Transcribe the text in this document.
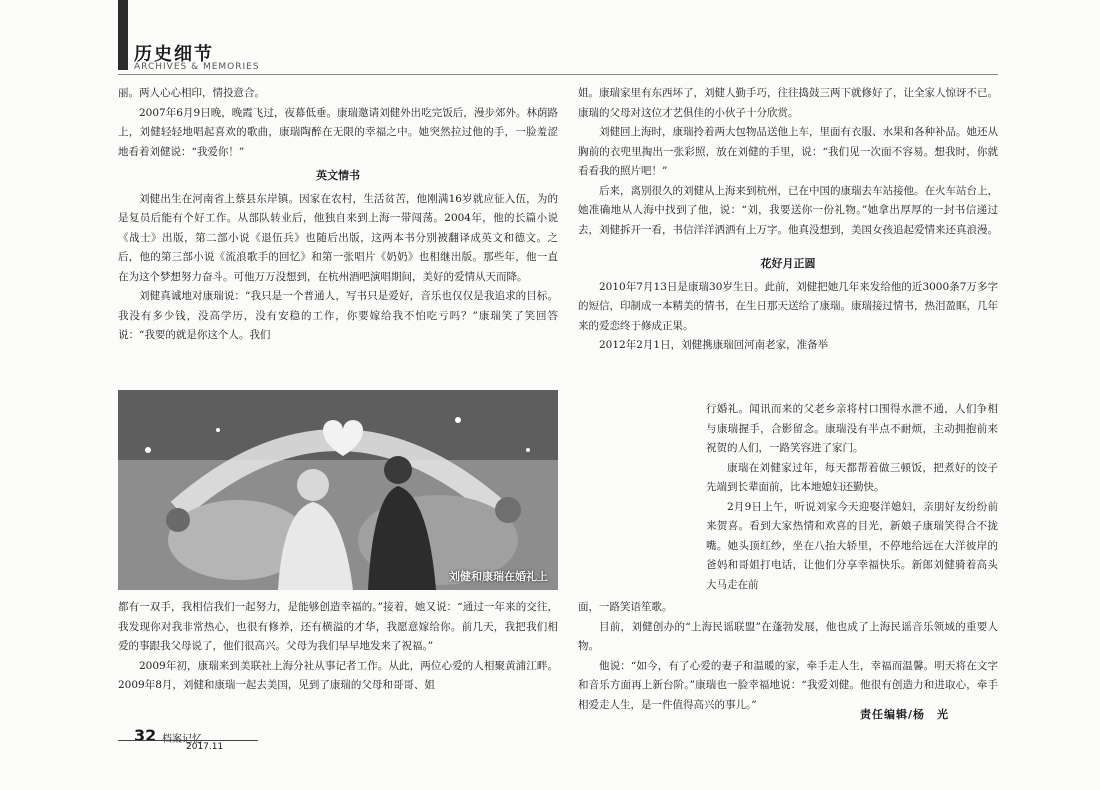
历史细节
ARCHIVES & MEMORIES

丽。两人心心相印，情投意合。

2007年6月9日晚，晚霞飞过，夜幕低垂。康瑞邀请刘健外出吃完饭后，漫步郊外。林荫路上，刘健轻轻地唱起喜欢的歌曲，康瑞陶醉在无限的幸福之中。她突然拉过他的手，一脸羞涩地看着刘健说：“我爱你！”

英文情书

刘健出生在河南省上蔡县东岸镇。因家在农村，生活贫苦，他刚满16岁就应征入伍，为的是复员后能有个好工作。从部队转业后，他独自来到上海一带闯荡。2004年，他的长篇小说《战士》出版，第二部小说《退伍兵》也随后出版，这两本书分别被翻译成英文和德文。之后，他的第三部小说《流浪歌手的回忆》和第一张唱片《奶奶》也相继出版。那些年，他一直在为这个梦想努力奋斗。可他万万没想到，在杭州酒吧演唱期间，美好的爱情从天而降。

刘健真诚地对康瑞说：“我只是一个普通人，写书只是爱好，音乐也仅仅是我追求的目标。我没有多少钱，没高学历，没有安稳的工作，你要嫁给我不怕吃亏吗？”康瑞笑了笑回答说：“我要的就是你这个人。我们

姐。康瑞家里有东西坏了，刘健人勤手巧，往往捣鼓三两下就修好了，让全家人惊讶不已。康瑞的父母对这位才艺俱佳的小伙子十分欣赏。

刘健回上海时，康瑞拎着两大包物品送他上车，里面有衣服、水果和各种补品。她还从胸前的衣兜里掏出一张彩照，放在刘健的手里，说：“我们见一次面不容易。想我时，你就看看我的照片吧！”

后来，离别很久的刘健从上海来到杭州，已在中国的康瑞去车站接他。在火车站台上，她准确地从人海中找到了他，说：“刘，我要送你一份礼物。”她拿出厚厚的一封书信递过去，刘健拆开一看，书信洋洋洒洒有上万字。他真没想到，美国女孩追起爱情来还真浪漫。

花好月正圆

2010年7月13日是康瑞30岁生日。此前，刘健把她几年来发给他的近3000条7万多字的短信，印制成一本精美的情书，在生日那天送给了康瑞。康瑞接过情书，热泪盈眶，几年来的爱恋终于修成正果。

2012年2月1日，刘健携康瑞回河南老家，准备举

刘健和康瑞在婚礼上

都有一双手，我相信我们一起努力，是能够创造幸福的。”接着，她又说：“通过一年来的交往，我发现你对我非常热心，也很有修养，还有横溢的才华，我愿意嫁给你。前几天，我把我们相爱的事跟我父母说了，他们很高兴。父母为我们早早地发来了祝福。”

2009年初，康瑞来到美联社上海分社从事记者工作。从此，两位心爱的人相聚黄浦江畔。2009年8月，刘健和康瑞一起去美国，见到了康瑞的父母和哥哥、姐

行婚礼。闻讯而来的父老乡亲将村口围得水泄不通，人们争相与康瑞握手，合影留念。康瑞没有半点不耐烦，主动拥抱前来祝贺的人们，一路笑容进了家门。

康瑞在刘健家过年，每天都帮着做三顿饭，把煮好的饺子先端到长辈面前，比本地媳妇还勤快。

2月9日上午，听说刘家今天迎娶洋媳妇，亲朋好友纷纷前来贺喜。看到大家热情和欢喜的目光，新娘子康瑞笑得合不拢嘴。她头顶红纱，坐在八抬大轿里，不停地给远在大洋彼岸的爸妈和哥姐打电话，让他们分享幸福快乐。新郎刘健骑着高头大马走在前

面，一路笑语笙歌。

目前，刘健创办的“上海民谣联盟”在蓬勃发展，他也成了上海民谣音乐领域的重要人物。

他说：“如今，有了心爱的妻子和温暖的家，牵手走人生，幸福而温馨。明天将在文字和音乐方面再上新台阶。”康瑞也一脸幸福地说：“我爱刘健。他很有创造力和进取心，牵手相爱走人生，是一件值得高兴的事儿。”

责任编辑/杨　光
32 档案记忆
2017.11
